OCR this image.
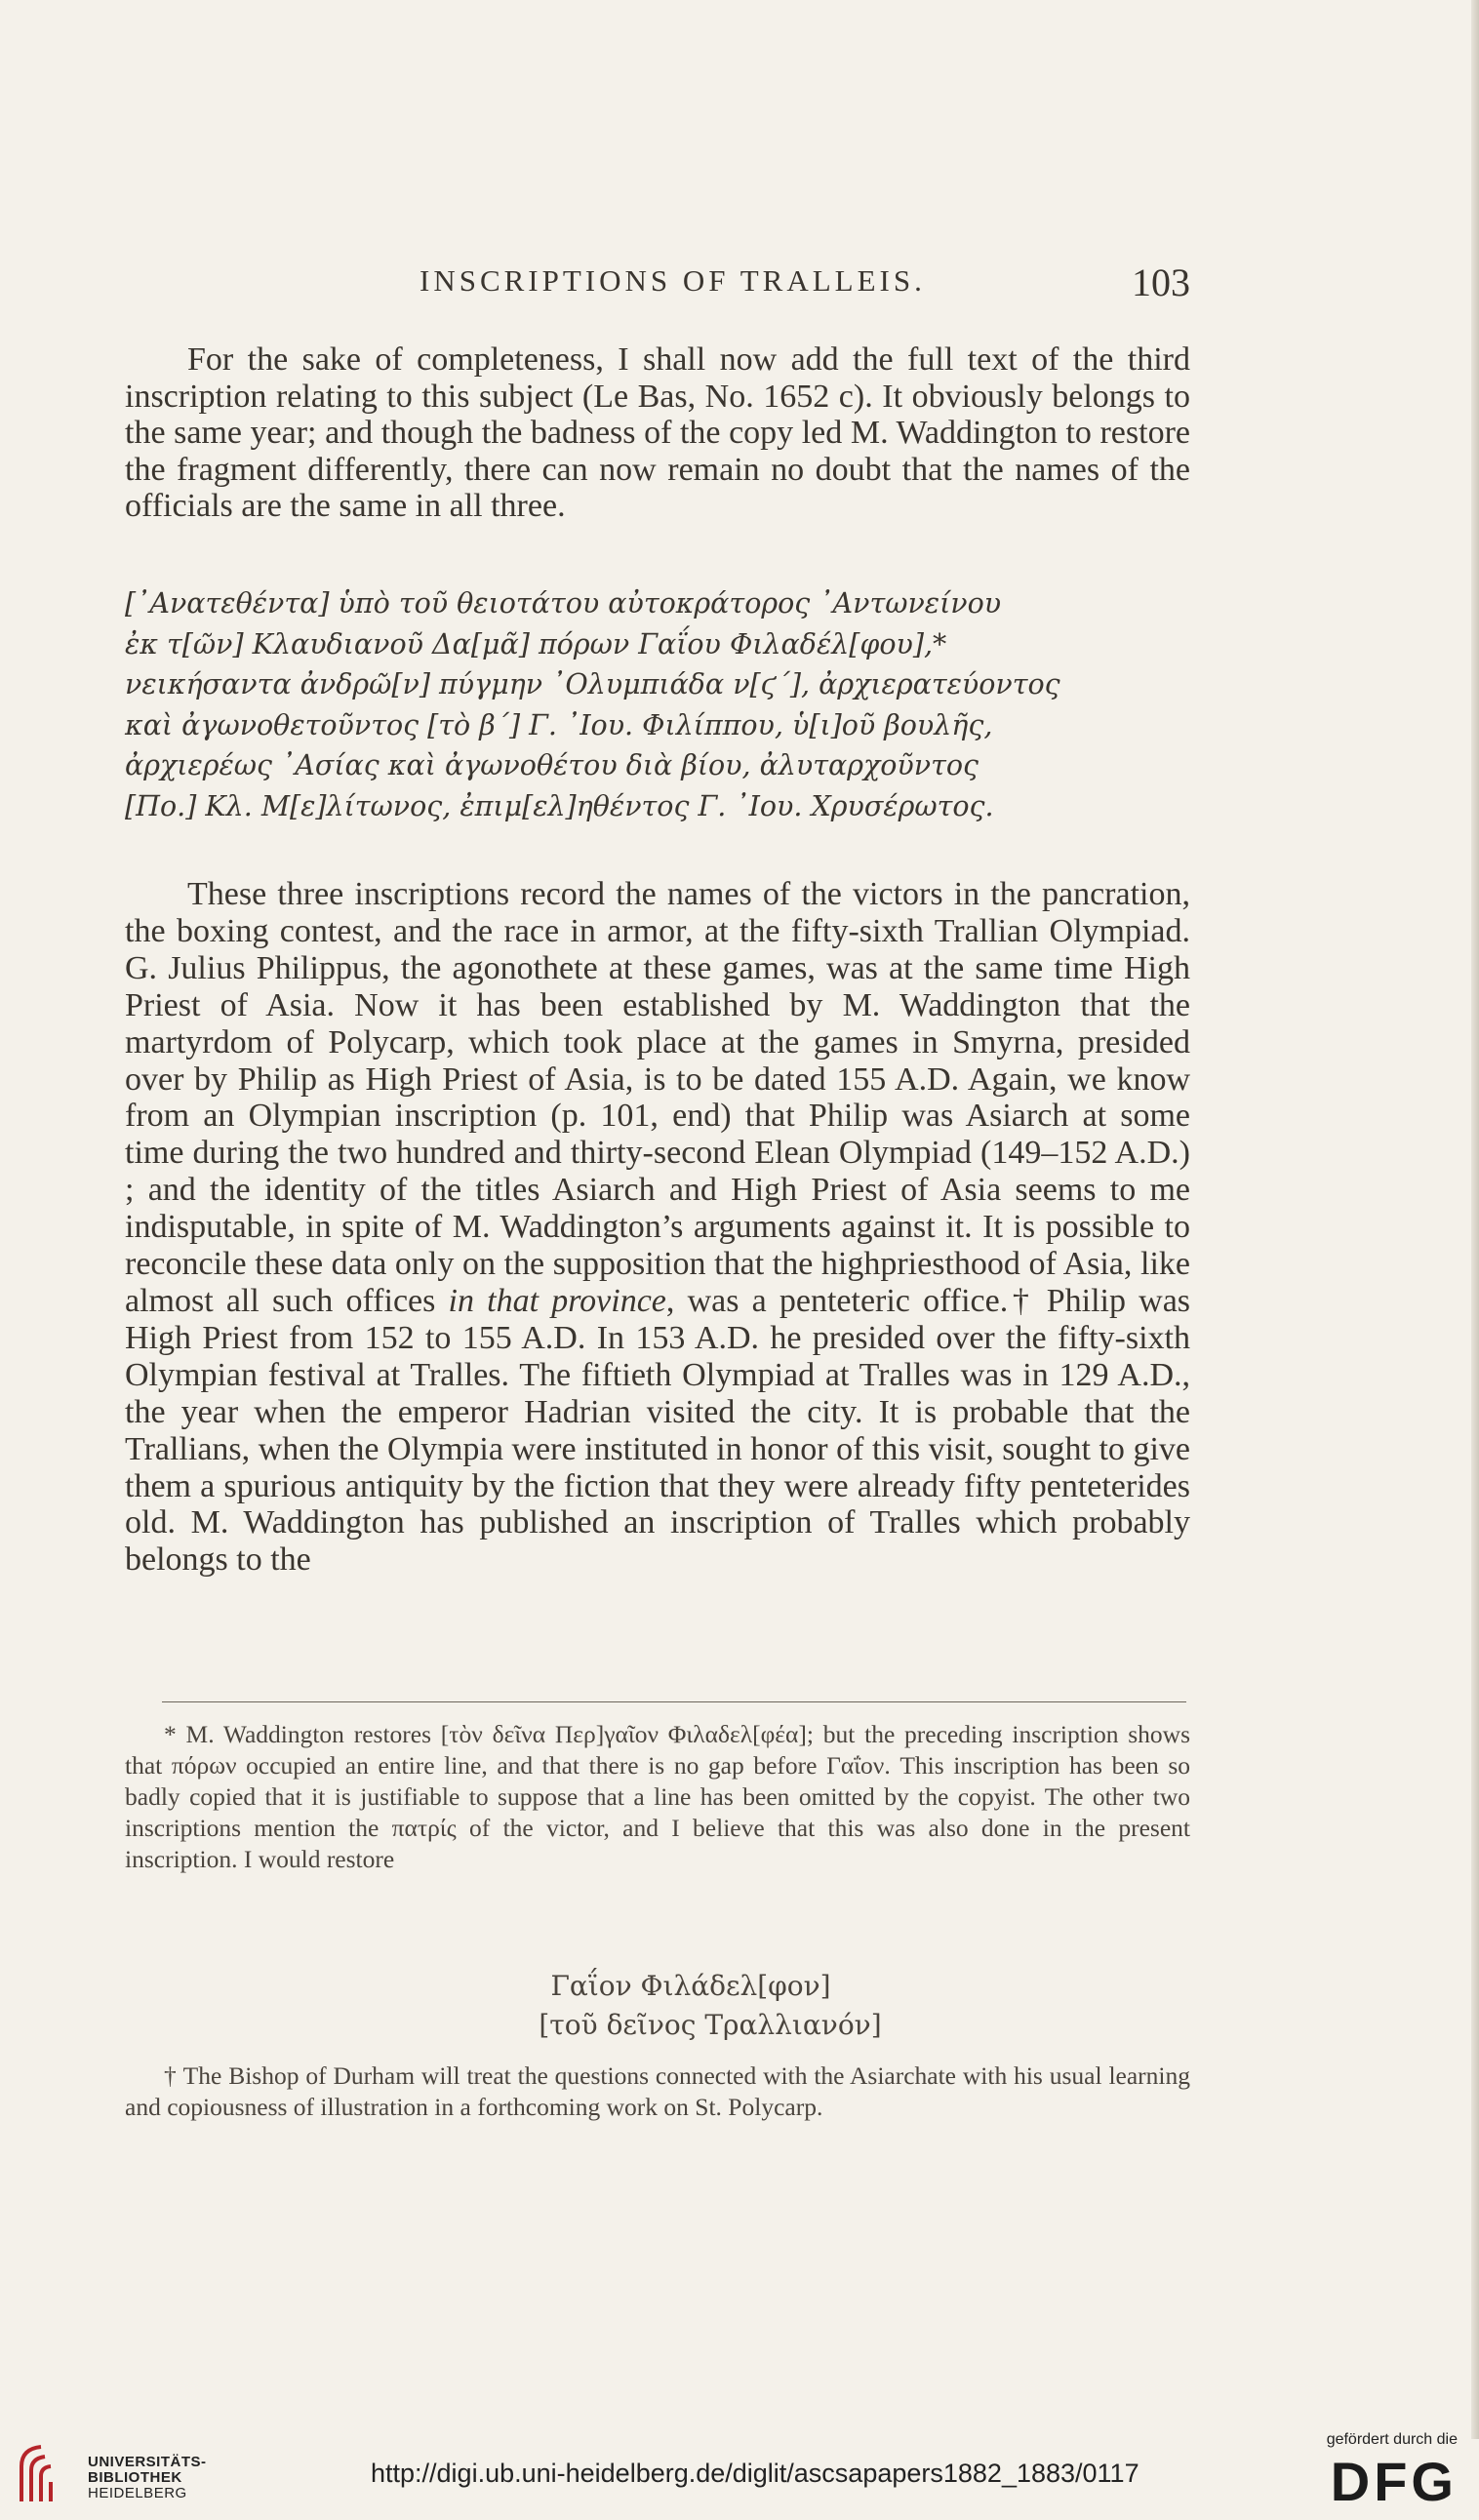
INSCRIPTIONS OF TRALLEIS.	103

For the sake of completeness, I shall now add the full text of the third inscription relating to this subject (Le Bas, No. 1652 c). It obviously belongs to the same year; and though the badness of the copy led M. Waddington to restore the fragment differently, there can now remain no doubt that the names of the officials are the same in all three.

[᾿Ανατεθέντα] ὑπὸ τοῦ θειοτάτου αὐτοκράτορος ᾿Αντωνείνου
ἐκ τ[ῶν] Κλαυδιανοῦ Δα[μᾶ] πόρων Γαΐου Φιλαδέλ[φου],*
νεικήσαντα ἀνδρῶ[ν] πύγμην ᾿Ολυμπιάδα ν[ϛ´], ἀρχιερατεύοντος
καὶ ἀγωνοθετοῦντος [τὸ β´] Γ. ᾿Ιου. Φιλίππου, ὑ[ι]οῦ βουλῆς,
ἀρχιερέως ᾿Ασίας καὶ ἀγωνοθέτου διὰ βίου, ἀλυταρχοῦντος
[Πο.] Κλ. Μ[ε]λίτωνος, ἐπιμ[ελ]ηθέντος Γ. ᾿Ιου. Χρυσέρωτος.

These three inscriptions record the names of the victors in the pancration, the boxing contest, and the race in armor, at the fifty-sixth Trallian Olympiad. G. Julius Philippus, the agonothete at these games, was at the same time High Priest of Asia. Now it has been established by M. Waddington that the martyrdom of Polycarp, which took place at the games in Smyrna, presided over by Philip as High Priest of Asia, is to be dated 155 A.D. Again, we know from an Olympian inscription (p. 101, end) that Philip was Asiarch at some time during the two hundred and thirty-second Elean Olympiad (149–152 A.D.) ; and the identity of the titles Asiarch and High Priest of Asia seems to me indisputable, in spite of M. Waddington’s arguments against it. It is possible to reconcile these data only on the supposition that the highpriesthood of Asia, like almost all such offices in that province, was a penteteric office.† Philip was High Priest from 152 to 155 A.D. In 153 A.D. he presided over the fifty-sixth Olympian festival at Tralles. The fiftieth Olympiad at Tralles was in 129 A.D., the year when the emperor Hadrian visited the city. It is probable that the Trallians, when the Olympia were instituted in honor of this visit, sought to give them a spurious antiquity by the fiction that they were already fifty penteterides old. M. Waddington has published an inscription of Tralles which probably belongs to the

* M. Waddington restores [τὸν δεῖνα Περ]γαῖον Φιλαδελ[φέα]; but the preceding inscription shows that πόρων occupied an entire line, and that there is no gap before Γαΐον. This inscription has been so badly copied that it is justifiable to suppose that a line has been omitted by the copyist. The other two inscriptions mention the πατρίς of the victor, and I believe that this was also done in the present inscription. I would restore

Γαΐον Φιλάδελ[φον]

[τοῦ δεῖνος Τραλλιανόν]

† The Bishop of Durham will treat the questions connected with the Asiarchate with his usual learning and copiousness of illustration in a forthcoming work on St. Polycarp.

UNIVERSITÄTS-
BIBLIOTHEK
HEIDELBERG
http://digi.ub.uni-heidelberg.de/diglit/ascsapapers1882_1883/0117
gefördert durch die
DFG
